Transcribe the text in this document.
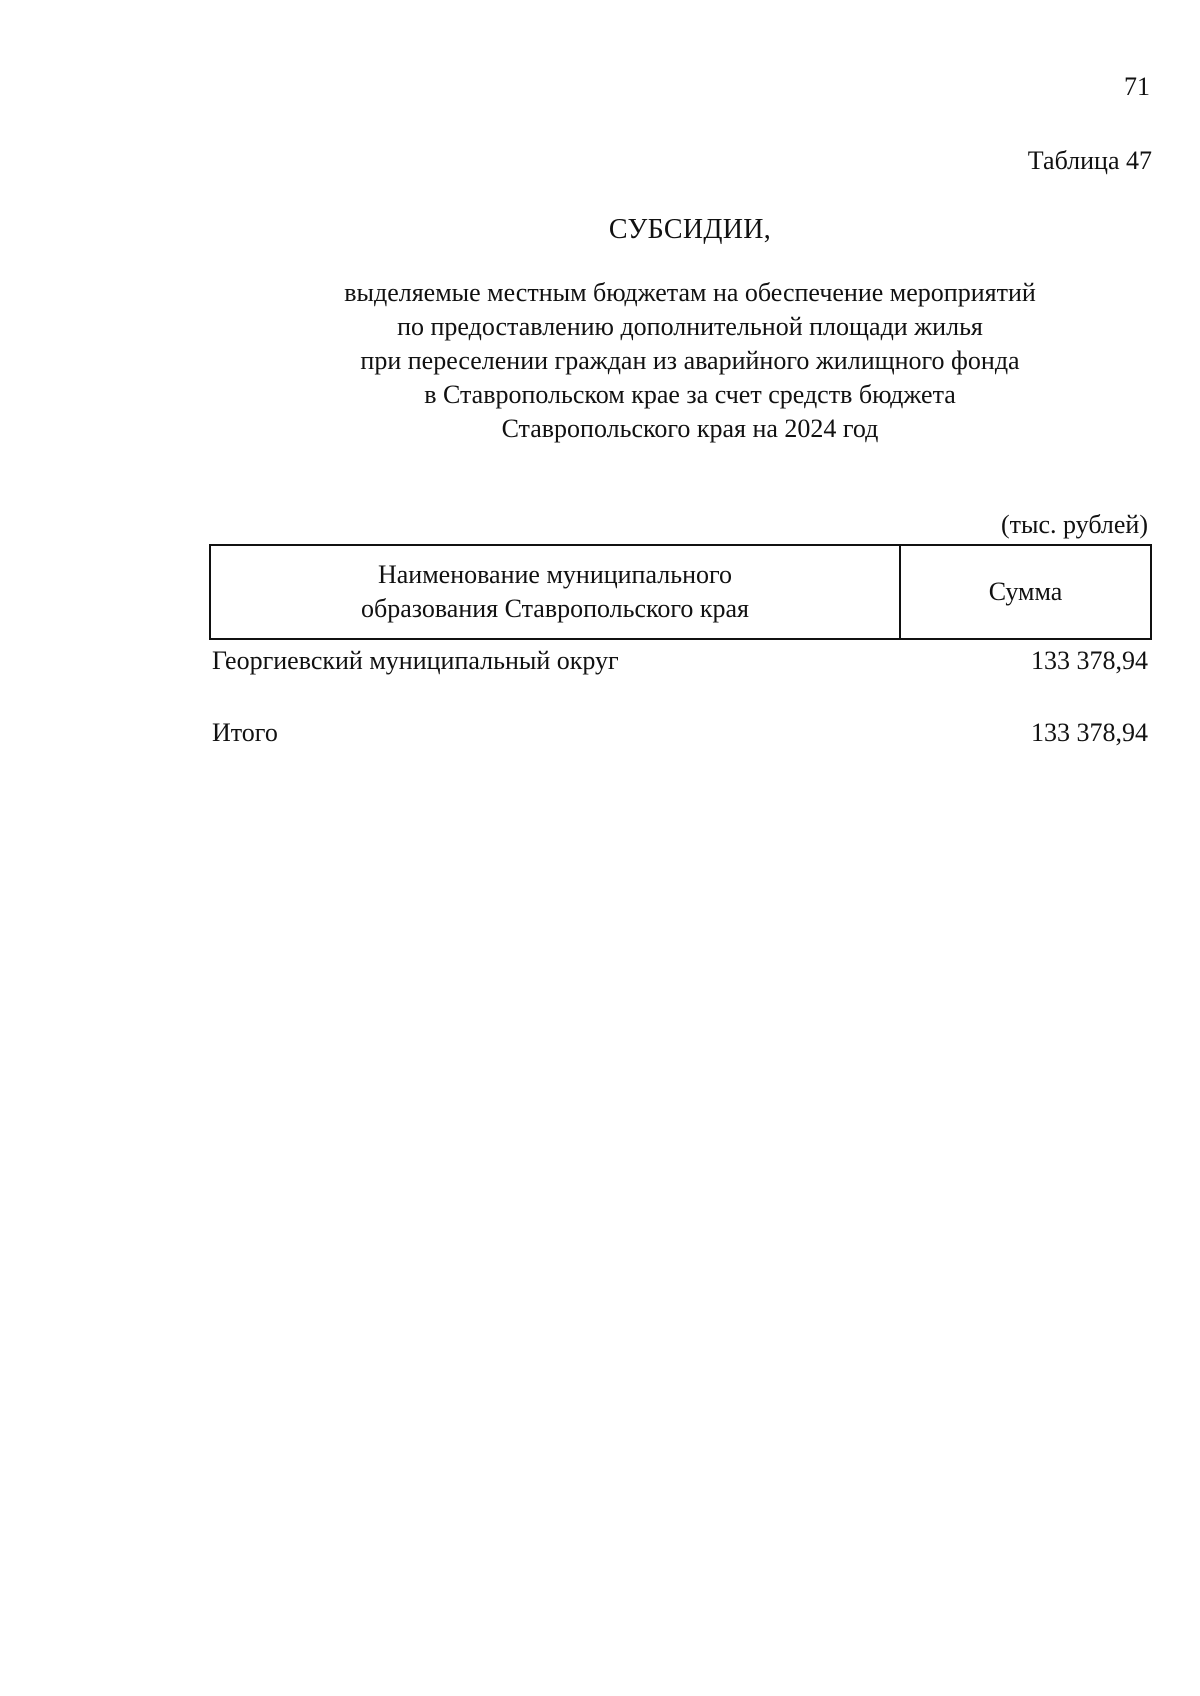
71
Таблица 47
СУБСИДИИ,
выделяемые местным бюджетам на обеспечение мероприятий
по предоставлению дополнительной площади жилья
при переселении граждан из аварийного жилищного фонда
в Ставропольском крае за счет средств бюджета
Ставропольского края на 2024 год
(тыс. рублей)
Наименование муниципального
образования Ставропольского края
Сумма
Георгиевский муниципальный округ	133 378,94
Итого	133 378,94
